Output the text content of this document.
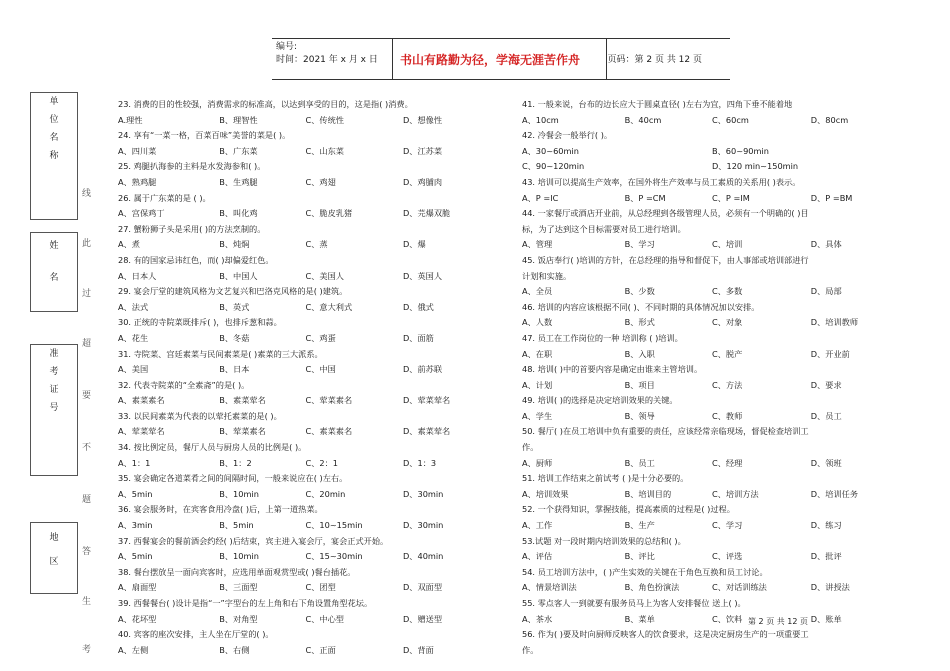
编号:
时间：2021 年 x 月 x 日 书山有路勤为径，学海无涯苦作舟	页码：第 2 页 共 12 页
单
位
名
称
姓
名
准
考
证
号
地
区
线
此
过
超
要
不
题
答
生
考
23. 消费的目的性较强，消费需求的标准高，以达到享受的目的，这是指( )消费。
A.理性	B、理智性	C、传统性	D、想像性
24. 享有“一菜一格，百菜百味”美誉的菜是( )。
A、四川菜	B、广东菜	C、山东菜	D、江苏菜
25. 鸡腿扒海参的主料是水发海参和( )。
A、熟鸡腿	B、生鸡腿	C、鸡翅	D、鸡脯肉
26. 属于广东菜的是 ( )。
A、宫保鸡丁	B、叫化鸡	C、脆皮乳猪	D、芫爆双脆
27. 蟹粉狮子头是采用( )的方法烹制的。
A、煮	B、炖焖	C、蒸	D、爆
28. 有的国家忌讳红色，而( )却偏爱红色。
A、日本人	B、中国人	C、美国人	D、英国人
29. 宴会厅堂的建筑风格为文艺复兴和巴洛克风格的是( )建筑。
A、法式	B、英式	C、意大利式	D、俄式
30. 正统的寺院菜既排斥( )，也排斥葱和蒜。
A、花生	B、冬菇	C、鸡蛋	D、面筋
31. 寺院菜、宫廷素菜与民间素菜是( )素菜的三大派系。
A、美国	B、日本	C、中国	D、前苏联
32. 代表寺院菜的“全素斋”的是( )。
A、素菜素名	B、素菜荤名	C、荤菜素名	D、荤菜荤名
33. 以民间素菜为代表的以荤托素菜的是( )。
A、荤菜荤名	B、荤菜素名	C、素菜素名	D、素菜荤名
34. 按比例定员，餐厅人员与厨房人员的比例是( )。
A、1：1	B、1：2	C、2：1	D、1：3
35. 宴会确定各道菜肴之间的间隔时间，一般来说应在( )左右。
A、5min	B、10min	C、20min	D、30min
36. 宴会服务时，在宾客食用冷盘( )后，上第一道热菜。
A、3min	B、5min	C、10~15min	D、30min
37. 西餐宴会的餐前酒会约经( )后结束，宾主进入宴会厅，宴会正式开始。
A、5min	B、10min	C、15~30min	D、40min
38. 餐台摆放呈一面向宾客时，应选用单面观赏型或( )餐台插花。
A、扇面型	B、三面型	C、团型	D、双面型
39. 西餐餐台( )设计是指“一”字型台的左上角和右下角设置角型花坛。
A、花坏型	B、对角型	C、中心型	D、赠送型
40. 宾客的座次安排，主人坐在厅堂的( )。
A、左侧	B、右侧	C、正面	D、背面
41. 一般来说，台布的边长应大于圆桌直径( )左右为宜，四角下垂不能着地
A、10cm	B、40cm	C、60cm	D、80cm
42. 冷餐会一般举行( )。
A、30~60min	B、60~90min
C、90~120min	D、120 min~150min
43. 培训可以提高生产效率，在国外将生产效率与员工素质的关系用( )表示。
A、P =IC	B、P =CM	C、P =IM	D、P =BM
44. 一家餐厅或酒店开业前，从总经理到各级管理人员，必须有一个明确的( )目
标，为了达到这个目标需要对员工进行培训。
A、管理	B、学习	C、培训	D、具体
45. 饭店奉行( )培训的方针，在总经理的指导和督促下，由人事部或培训部进行
计划和实施。
A、全员	B、少数	C、多数	D、局部
46. 培训的内容应该根据不同( )、不同时期的具体情况加以安排。
A、人数	B、形式	C、对象	D、培训教师
47. 员工在工作岗位的一种 培训称 ( )培训。
A、在职	B、入职	C、脱产	D、开业前
48. 培训( )中的首要内容是确定由谁来主管培训。
A、计划	B、项目	C、方法	D、要求
49. 培训( )的选择是决定培训效果的关键。
A、学生	B、领导	C、教师	D、员工
50. 餐厅( )在员工培训中负有重要的责任，应该经常亲临现场，督促检查培训工
作。
A、厨师	B、员工	C、经理	D、领班
51. 培训工作结束之前试考 ( )是十分必要的。
A、培训效果	B、培训目的	C、培训方法	D、培训任务
52. 一个获得知识，掌握技能，提高素质的过程是( )过程。
A、工作	B、生产	C、学习	D、练习
53.试题 对一段时期内培训效果的总结和( )。
A、评估	B、评比	C、评选	D、批评
54. 员工培训方法中，( )产生实效的关键在于角色互换和员工讨论。
A、情景培训法	B、角色扮演法	C、对话训练法	D、讲授法
55. 零点客人一到就要有服务员马上为客人安排餐位 送上( )。
A、茶水	B、菜单	C、饮料	D、账单
56. 作为( )要及时向厨师反映客人的饮食要求，这是决定厨房生产的一项重要工
作。
第 2 页 共 12 页
